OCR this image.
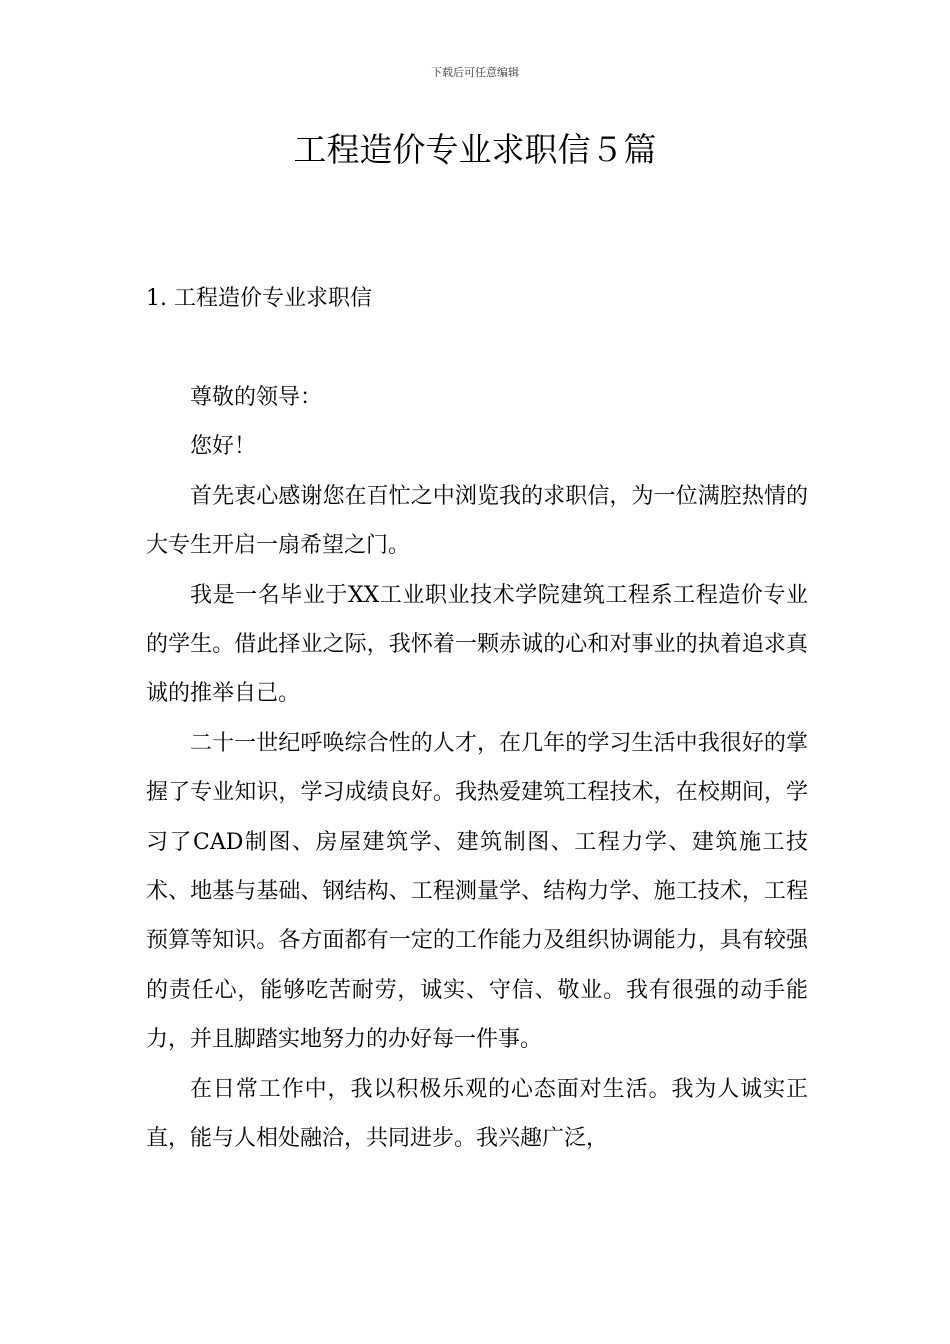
下载后可任意编辑
工程造价专业求职信５篇
1. 工程造价专业求职信

尊敬的领导：

您好！

首先衷心感谢您在百忙之中浏览我的求职信，为一位满腔热情的大专生开启一扇希望之门。

我是一名毕业于XX工业职业技术学院建筑工程系工程造价专业的学生。借此择业之际，我怀着一颗赤诚的心和对事业的执着追求真诚的推举自己。

二十一世纪呼唤综合性的人才，在几年的学习生活中我很好的掌握了专业知识，学习成绩良好。我热爱建筑工程技术，在校期间，学习了CAD制图、房屋建筑学、建筑制图、工程力学、建筑施工技术、地基与基础、钢结构、工程测量学、结构力学、施工技术，工程预算等知识。各方面都有一定的工作能力及组织协调能力，具有较强的责任心，能够吃苦耐劳，诚实、守信、敬业。我有很强的动手能力，并且脚踏实地努力的办好每一件事。

在日常工作中，我以积极乐观的心态面对生活。我为人诚实正直，能与人相处融洽，共同进步。我兴趣广泛，
